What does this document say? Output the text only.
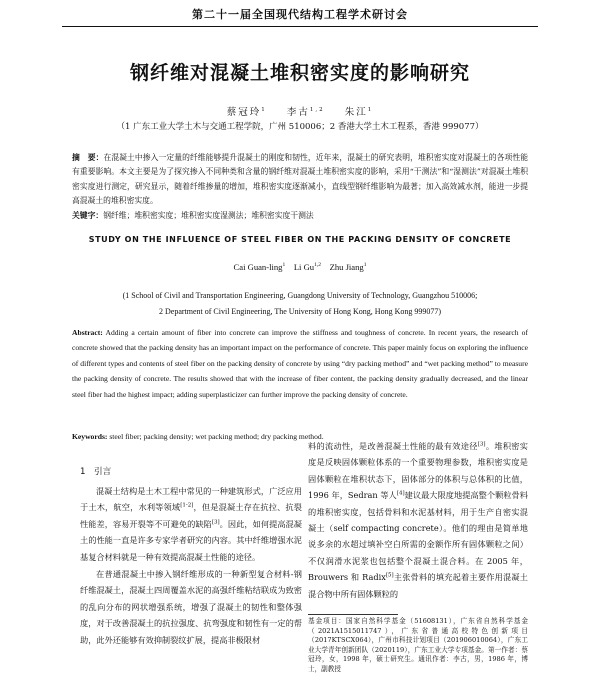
第二十一届全国现代结构工程学术研讨会
钢纤维对混凝土堆积密实度的影响研究
蔡冠玲$^1$ 李古$^{1,2}$ 朱江$^1$
（1 广东工业大学土木与交通工程学院，广州 510006；2 香港大学土木工程系，香港 999077）
摘　要：在混凝土中掺入一定量的纤维能够提升混凝土的刚度和韧性，近年来，混凝土的研究表明，堆积密实度对混凝土的各项性能有重要影响。本文主要是为了探究掺入不同种类和含量的钢纤维对混凝土堆积密实度的影响，采用“干测法”和“湿测法”对混凝土堆积密实度进行测定，研究显示，随着纤维掺量的增加，堆积密实度逐渐减小，直线型钢纤维影响为最著；加入高效减水剂，能进一步提高混凝土的堆积密实度。
关键字：钢纤维；堆积密实度；堆积密实度湿测法；堆积密实度干测法
STUDY ON THE INFLUENCE OF STEEL FIBER ON THE PACKING DENSITY OF CONCRETE
Cai Guan-ling$^1$ Li Gu$^{1,2}$ Zhu Jiang$^1$
(1 School of Civil and Transportation Engineering, Guangdong University of Technology, Guangzhou 510006;
2 Department of Civil Engineering, The University of Hong Kong, Hong Kong 999077)
Abstract: Adding a certain amount of fiber into concrete can improve the stiffness and toughness of concrete. In recent years, the research of concrete showed that the packing density has an important impact on the performance of concrete. This paper mainly focus on exploring the influence of different types and contents of steel fiber on the packing density of concrete by using “dry packing method” and “wet packing method” to measure the packing density of concrete. The results showed that with the increase of fiber content, the packing density gradually decreased, and the linear steel fiber had the highest impact; adding superplasticizer can further improve the packing density of concrete.
Keywords: steel fiber; packing density; wet packing method; dry packing method.
1　引言

混凝土结构是土木工程中常见的一种建筑形式，广泛应用于土木，航空，水利等领域[1-2]，但是混凝土存在抗拉、抗裂性能差，容易开裂等不可避免的缺陷[3]。因此，如何提高混凝土的性能一直是许多专家学者研究的内容。其中纤维增强水泥基复合材料就是一种有效提高混凝土性能的途径。

在普通混凝土中掺入钢纤维形成的一种新型复合材料-钢纤维混凝土，混凝土四周覆盖水泥的高强纤维粘结联成为致密的乱向分布的网状增强系统，增强了混凝土的韧性和整体强度，对于改善混凝土的抗拉强度、抗弯强度和韧性有一定的帮助，此外还能够有效抑制裂纹扩展，提高非极限材

料的流动性，是改善混凝土性能的最有效途径[3]。堆积密实度是反映固体颗粒体系的一个重要物理参数，堆积密实度是固体颗粒在堆积状态下，固体部分的体积与总体积的比值，1996 年，Sedran 等人[4]建议最大限度地提高整个颗粒骨料的堆积密实度，包括骨料和水泥基材料，用于生产自密实混凝土（self compacting concrete）。他们的理由是简单地说多余的水超过填补空白所需的金额作所有固体颗粒之间）不仅润滑水泥浆也包括整个混凝土混合料。在 2005 年，Brouwers 和 Radix[5]主张骨料的填充起着主要作用混凝土混合物中所有固体颗粒的

基金项目：国家自然科学基金（51608131），广东省自然科学基金（2021A1515011747），广东省普通高校特色创新项目（2017KTSCX064），广州市科技计划项目（201906010064），广东工业大学青年创新团队（2020119），广东工业大学专项基金。第一作者：蔡冠玲，女，1998 年，硕士研究生。通讯作者：李古，男，1986 年，博士，副教授
